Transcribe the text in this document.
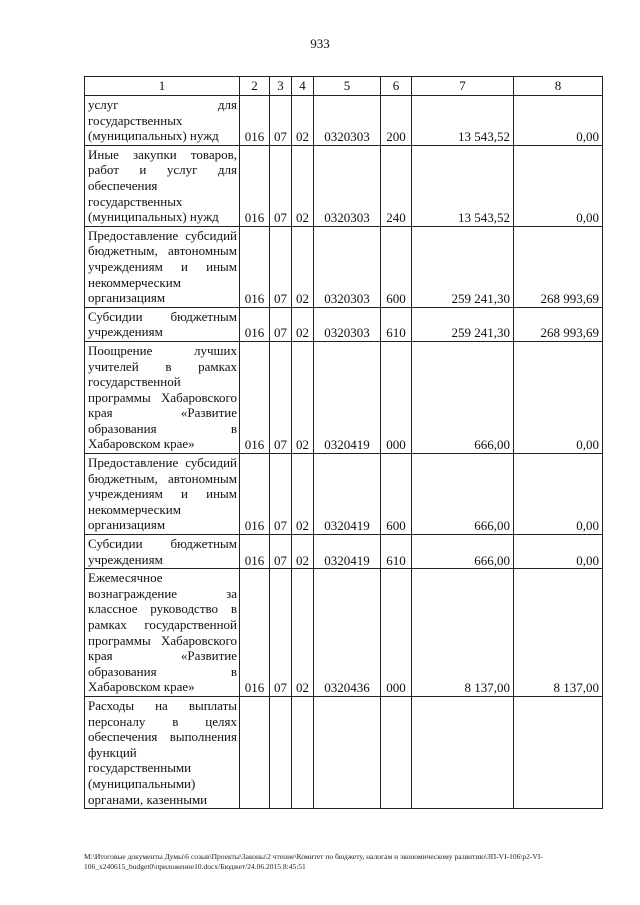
933
1	2	3	4	5	6	7	8
услуг для государственных (муниципальных) нужд	016	07	02	0320303	200	13 543,52	0,00
Иные закупки товаров, работ и услуг для обеспечения государственных (муниципальных) нужд	016	07	02	0320303	240	13 543,52	0,00
Предоставление субсидий бюджетным, автономным учреждениям и иным некоммерческим организациям	016	07	02	0320303	600	259 241,30	268 993,69
Субсидии бюджетным учреждениям	016	07	02	0320303	610	259 241,30	268 993,69
Поощрение лучших учителей в рамках государственной программы Хабаровского края «Развитие образования в Хабаровском крае»	016	07	02	0320419	000	666,00	0,00
Предоставление субсидий бюджетным, автономным учреждениям и иным некоммерческим организациям	016	07	02	0320419	600	666,00	0,00
Субсидии бюджетным учреждениям	016	07	02	0320419	610	666,00	0,00
Ежемесячное вознаграждение за классное руководство в рамках государственной программы Хабаровского края «Развитие образования в Хабаровском крае»	016	07	02	0320436	000	8 137,00	8 137,00
Расходы на выплаты персоналу в целях обеспечения выполнения функций государственными (муниципальными) органами, казенными							
M:\Итоговые документы Думы\6 созыв\Проекты\Законы\2 чтение\Комитет по бюджету, налогам и экономическому развитию\ЗП-VI-106\p2-VI-
106_x240615_budget0\приложение10.docx/Бюджет/24.06.2015 8:45:51
